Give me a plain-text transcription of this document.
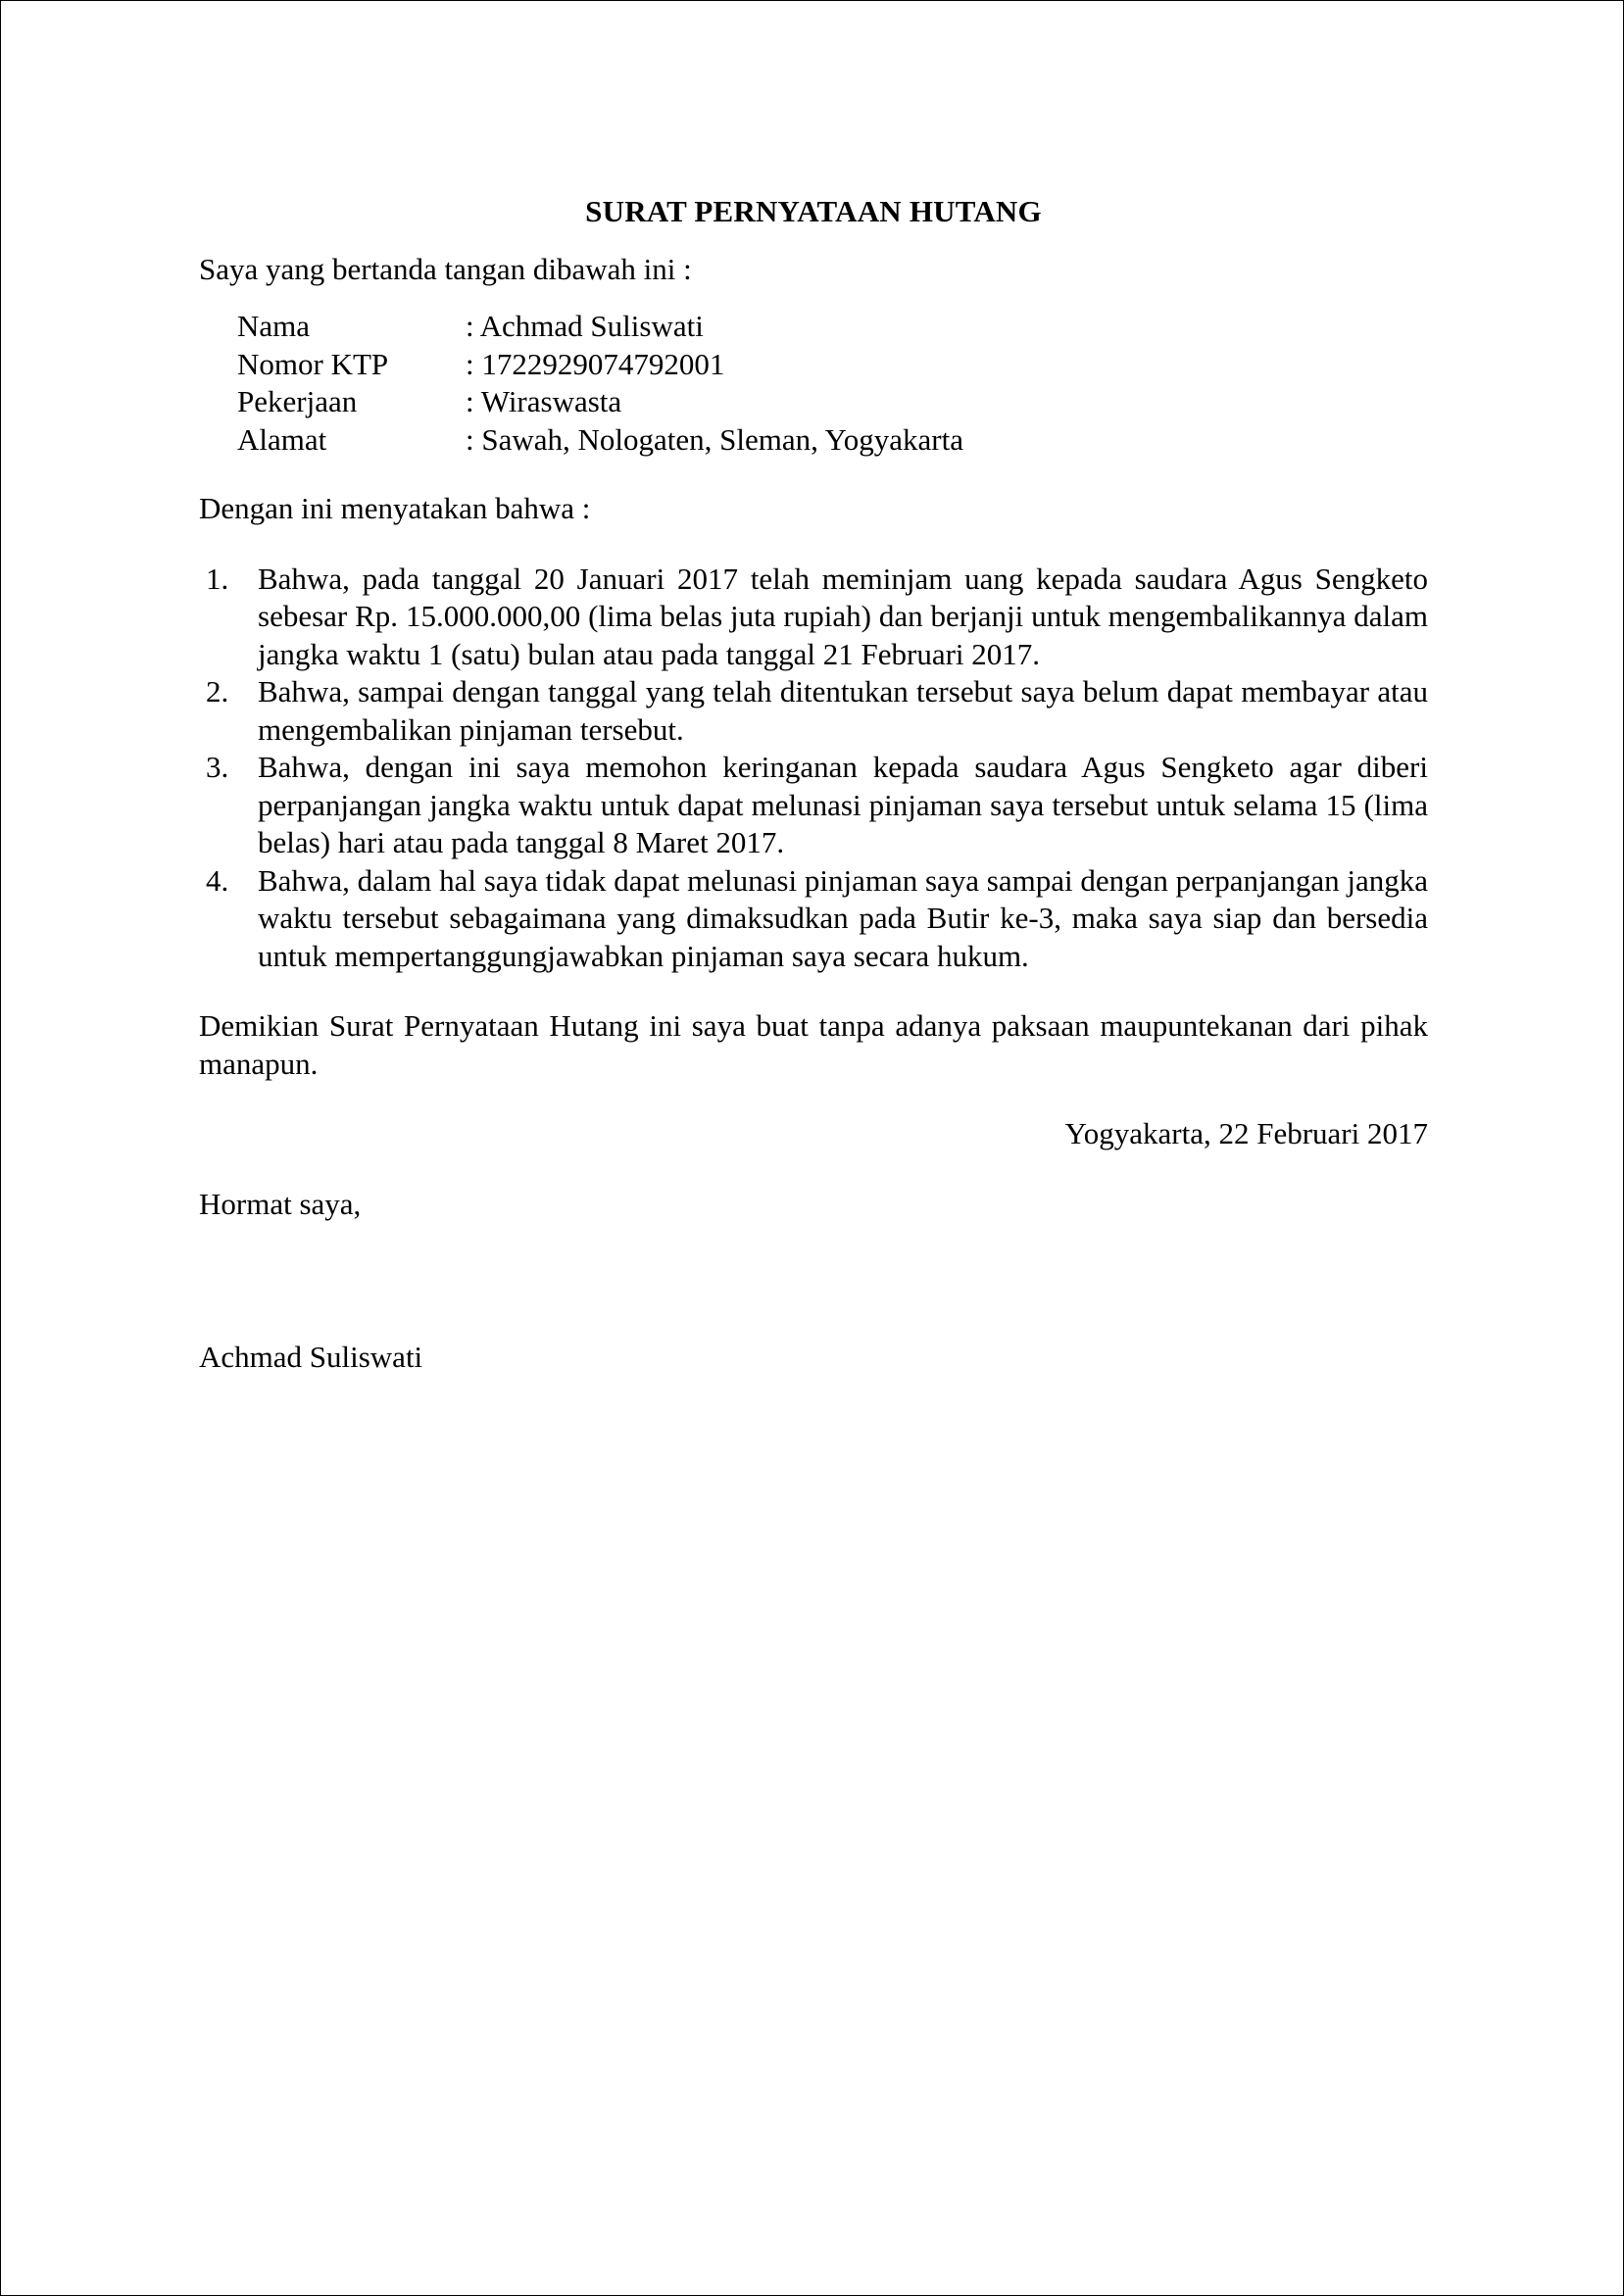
SURAT PERNYATAAN HUTANG

Saya yang bertanda tangan dibawah ini :

Nama	: Achmad Suliswati
Nomor KTP	: 1722929074792001
Pekerjaan	: Wiraswasta
Alamat	: Sawah, Nologaten, Sleman, Yogyakarta

Dengan ini menyatakan bahwa :

1. Bahwa, pada tanggal 20 Januari 2017 telah meminjam uang kepada saudara Agus Sengketo sebesar Rp. 15.000.000,00 (lima belas juta rupiah) dan berjanji untuk mengembalikannya dalam jangka waktu 1 (satu) bulan atau pada tanggal 21 Februari 2017.
2. Bahwa, sampai dengan tanggal yang telah ditentukan tersebut saya belum dapat membayar atau mengembalikan pinjaman tersebut.
3. Bahwa, dengan ini saya memohon keringanan kepada saudara Agus Sengketo agar diberi perpanjangan jangka waktu untuk dapat melunasi pinjaman saya tersebut untuk selama 15 (lima belas) hari atau pada tanggal 8 Maret 2017.
4. Bahwa, dalam hal saya tidak dapat melunasi pinjaman saya sampai dengan perpanjangan jangka waktu tersebut sebagaimana yang dimaksudkan pada Butir ke-3, maka saya siap dan bersedia untuk mempertanggungjawabkan pinjaman saya secara hukum.

Demikian Surat Pernyataan Hutang ini saya buat tanpa adanya paksaan maupuntekanan dari pihak manapun.

Yogyakarta, 22 Februari 2017

Hormat saya,

Achmad Suliswati
